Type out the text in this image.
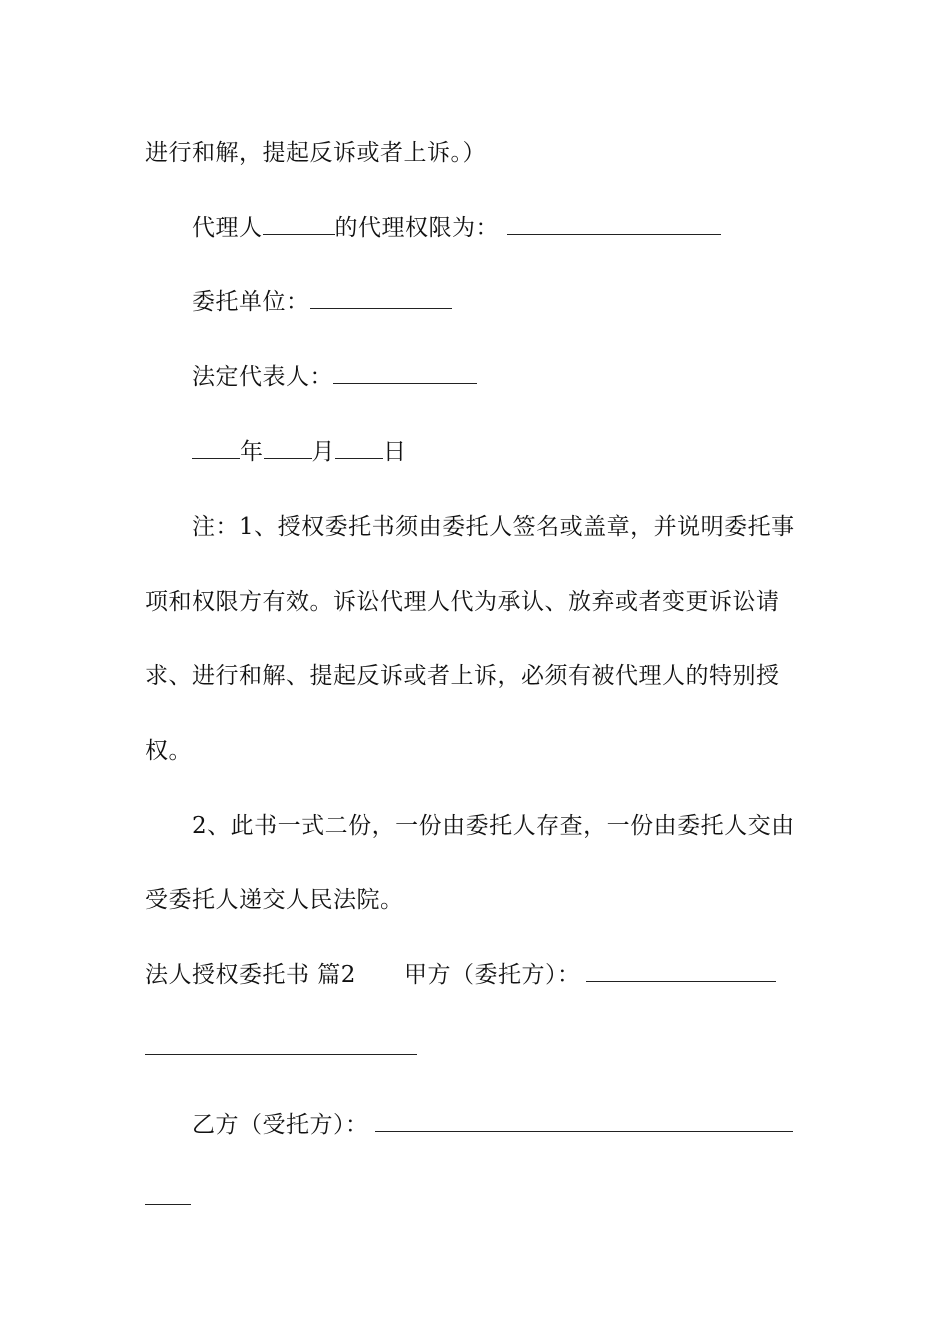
进行和解，提起反诉或者上诉。）
代理人	的代理权限为：
委托单位：
法定代表人：
年 月 日
注：1、授权委托书须由委托人签名或盖章，并说明委托事
项和权限方有效。诉讼代理人代为承认、放弃或者变更诉讼请
求、进行和解、提起反诉或者上诉，必须有被代理人的特别授
权。
2、此书一式二份，一份由委托人存查，一份由委托人交由
受委托人递交人民法院。
法人授权委托书 篇2 甲方（委托方）：
乙方（受托方）：
